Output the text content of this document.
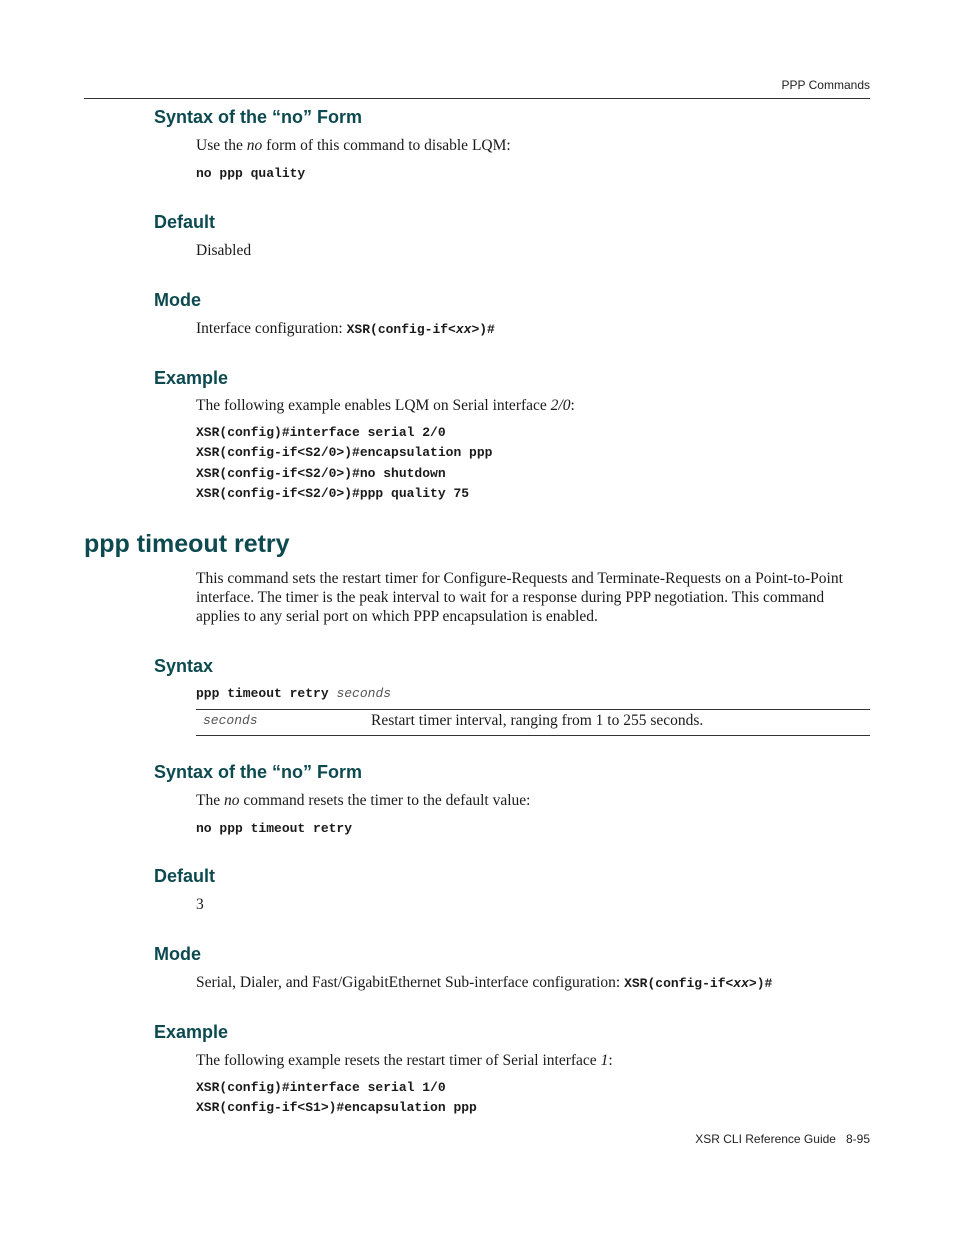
PPP Commands
Syntax of the “no” Form
Use the no form of this command to disable LQM:
no ppp quality
Default
Disabled
Mode
Interface configuration: XSR(config-if<xx>)#
Example
The following example enables LQM on Serial interface 2/0:
XSR(config)#interface serial 2/0
XSR(config-if<S2/0>)#encapsulation ppp
XSR(config-if<S2/0>)#no shutdown
XSR(config-if<S2/0>)#ppp quality 75
ppp timeout retry
This command sets the restart timer for Configure-Requests and Terminate-Requests on a Point-to-Point interface. The timer is the peak interval to wait for a response during PPP negotiation. This command applies to any serial port on which PPP encapsulation is enabled.
Syntax
ppp timeout retry seconds
seconds	Restart timer interval, ranging from 1 to 255 seconds.
Syntax of the “no” Form
The no command resets the timer to the default value:
no ppp timeout retry
Default
3
Mode
Serial, Dialer, and Fast/GigabitEthernet Sub-interface configuration: XSR(config-if<xx>)#
Example
The following example resets the restart timer of Serial interface 1:
XSR(config)#interface serial 1/0
XSR(config-if<S1>)#encapsulation ppp
XSR CLI Reference Guide 8-95
